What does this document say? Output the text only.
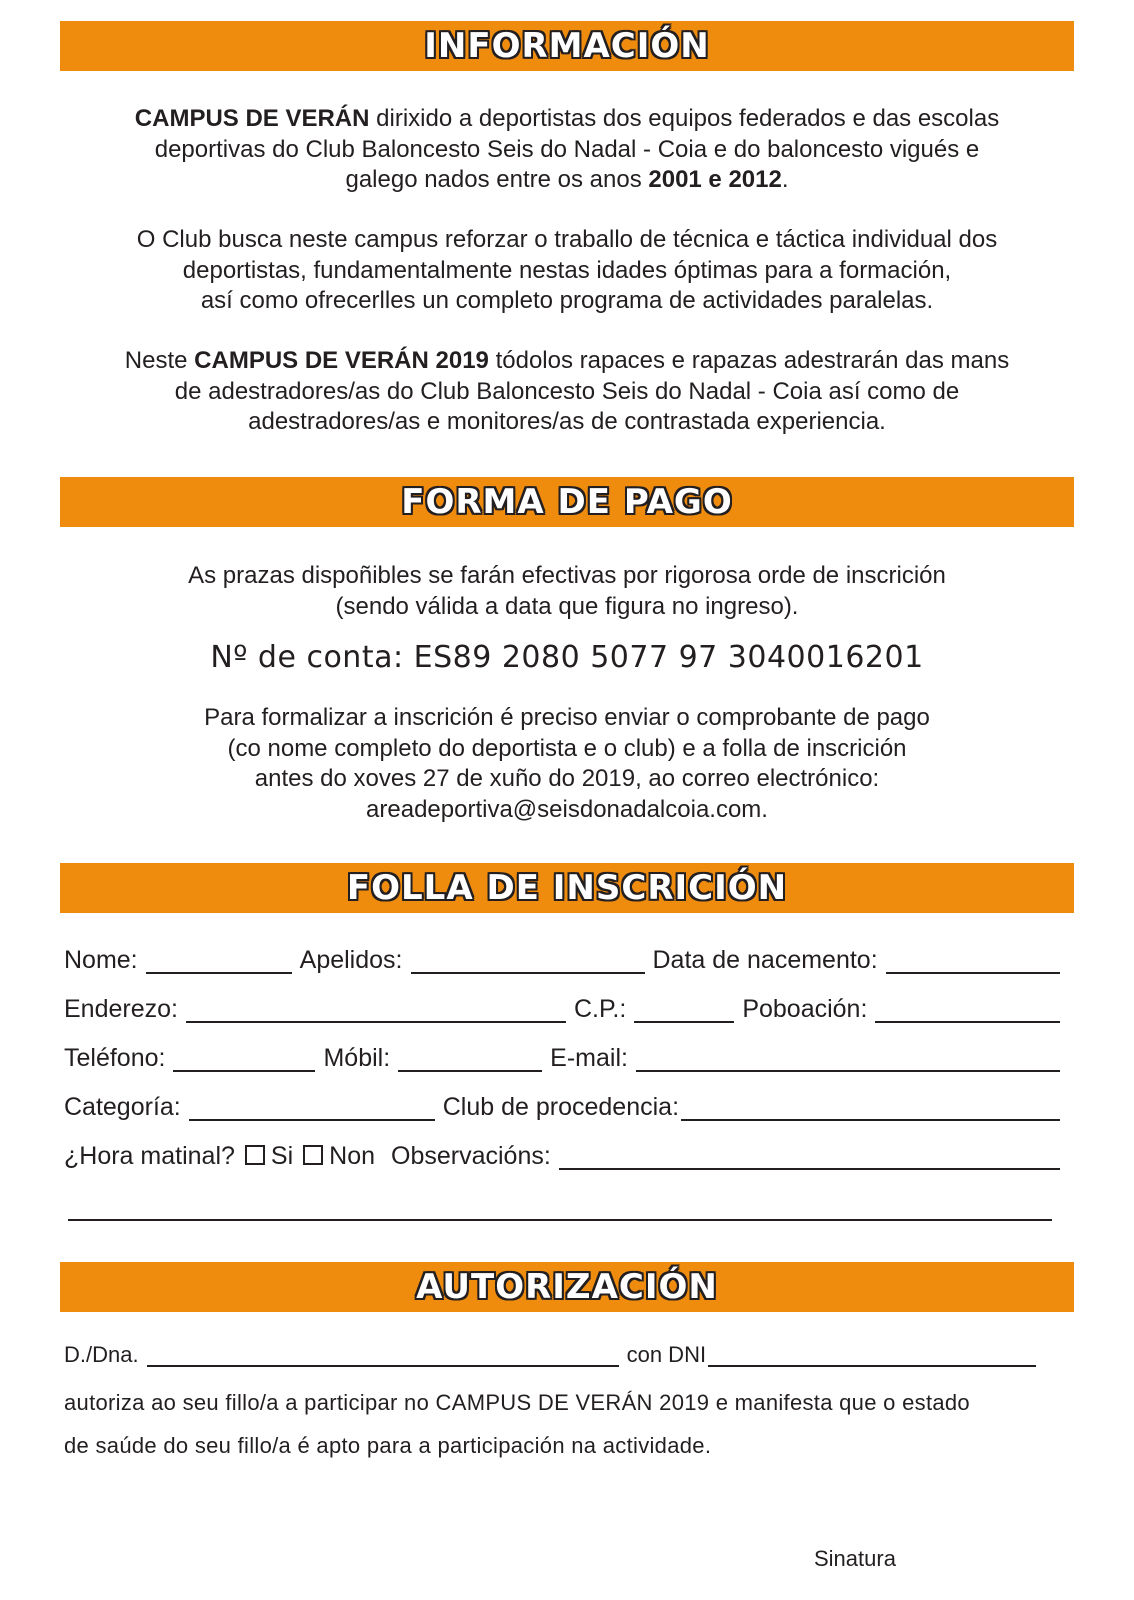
INFORMACIÓN
CAMPUS DE VERÁN dirixido a deportistas dos equipos federados e das escolas
deportivas do Club Baloncesto Seis do Nadal - Coia e do baloncesto vigués e
galego nados entre os anos 2001 e 2012.
O Club busca neste campus reforzar o traballo de técnica e táctica individual dos
deportistas, fundamentalmente nestas idades óptimas para a formación,
así como ofrecerlles un completo programa de actividades paralelas.
Neste CAMPUS DE VERÁN 2019 tódolos rapaces e rapazas adestrarán das mans
de adestradores/as do Club Baloncesto Seis do Nadal - Coia así como de
adestradores/as e monitores/as de contrastada experiencia.
FORMA DE PAGO
As prazas dispoñibles se farán efectivas por rigorosa orde de inscrición
(sendo válida a data que figura no ingreso).
Nº de conta: ES89 2080 5077 97 3040016201
Para formalizar a inscrición é preciso enviar o comprobante de pago
(co nome completo do deportista e o club) e a folla de inscrición
antes do xoves 27 de xuño do 2019, ao correo electrónico:
areadeportiva@seisdonadalcoia.com.
FOLLA DE INSCRICIÓN
Nome:	Apelidos:	Data de nacemento:
Enderezo:	C.P.:	Poboación:
Teléfono:	Móbil:	E-mail:
Categoría:	Club de procedencia:
¿Hora matinal?	Si	Non Observacións:
AUTORIZACIÓN
D./Dna.	con DNI
autoriza ao seu fillo/a a participar no CAMPUS DE VERÁN 2019 e manifesta que o estado
de saúde do seu fillo/a é apto para a participación na actividade.
Sinatura
